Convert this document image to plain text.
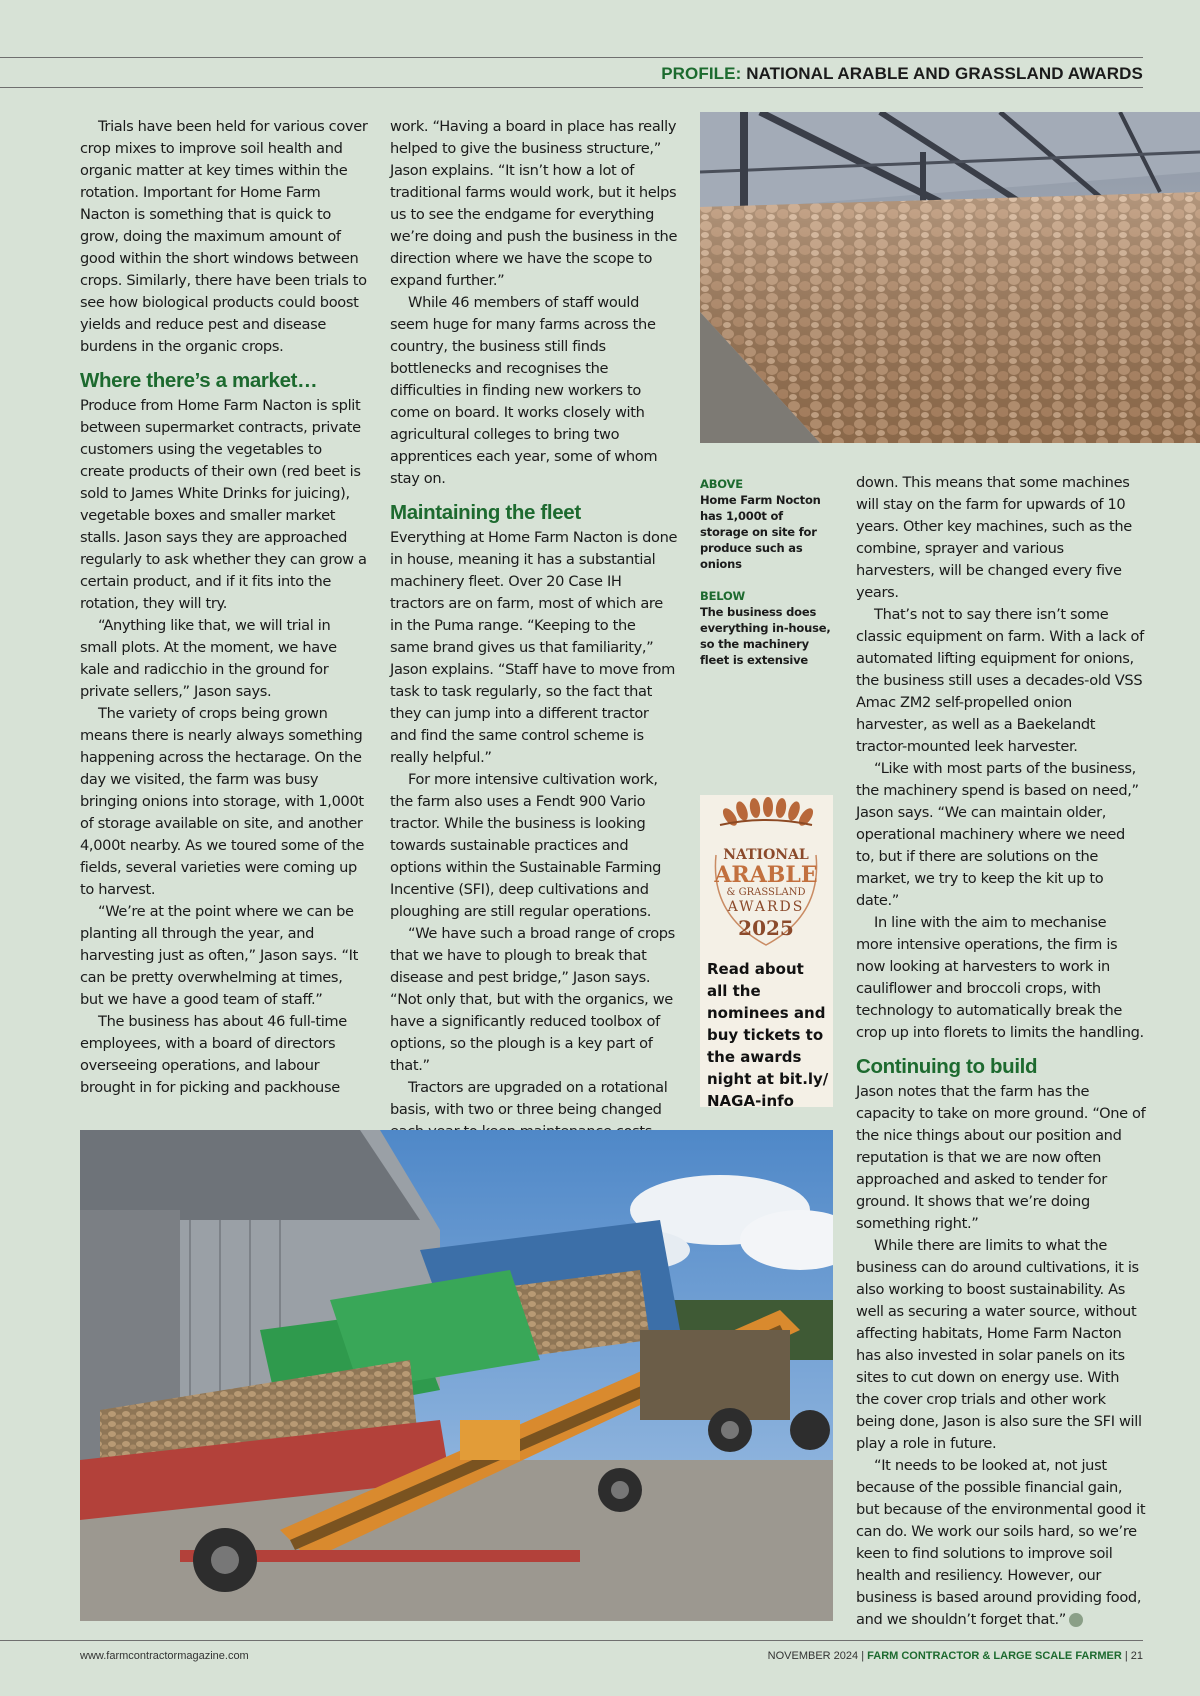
PROFILE: NATIONAL ARABLE AND GRASSLAND AWARDS

Trials have been held for various cover crop mixes to improve soil health and organic matter at key times within the rotation. Important for Home Farm Nacton is something that is quick to grow, doing the maximum amount of good within the short windows between crops. Similarly, there have been trials to see how biological products could boost yields and reduce pest and disease burdens in the organic crops.

Where there’s a market…

Produce from Home Farm Nacton is split between supermarket contracts, private customers using the vegetables to create products of their own (red beet is sold to James White Drinks for juicing), vegetable boxes and smaller market stalls. Jason says they are approached regularly to ask whether they can grow a certain product, and if it fits into the rotation, they will try.

“Anything like that, we will trial in small plots. At the moment, we have kale and radicchio in the ground for private sellers,” Jason says.

The variety of crops being grown means there is nearly always something happening across the hectarage. On the day we visited, the farm was busy bringing onions into storage, with 1,000t of storage available on site, and another 4,000t nearby. As we toured some of the fields, several varieties were coming up to harvest.

“We’re at the point where we can be planting all through the year, and harvesting just as often,” Jason says. “It can be pretty overwhelming at times, but we have a good team of staff.”

The business has about 46 full-time employees, with a board of directors overseeing operations, and labour brought in for picking and packhouse

work. “Having a board in place has really helped to give the business structure,” Jason explains. “It isn’t how a lot of traditional farms would work, but it helps us to see the endgame for everything we’re doing and push the business in the direction where we have the scope to expand further.”

While 46 members of staff would seem huge for many farms across the country, the business still finds bottlenecks and recognises the difficulties in finding new workers to come on board. It works closely with agricultural colleges to bring two apprentices each year, some of whom stay on.

Maintaining the fleet

Everything at Home Farm Nacton is done in house, meaning it has a substantial machinery fleet. Over 20 Case IH tractors are on farm, most of which are in the Puma range. “Keeping to the same brand gives us that familiarity,” Jason explains. “Staff have to move from task to task regularly, so the fact that they can jump into a different tractor and find the same control scheme is really helpful.”

For more intensive cultivation work, the farm also uses a Fendt 900 Vario tractor. While the business is looking towards sustainable practices and options within the Sustainable Farming Incentive (SFI), deep cultivations and ploughing are still regular operations.

“We have such a broad range of crops that we have to plough to break that disease and pest bridge,” Jason says. “Not only that, but with the organics, we have a significantly reduced toolbox of options, so the plough is a key part of that.”

Tractors are upgraded on a rotational basis, with two or three being changed

ABOVE
Home Farm Nocton has 1,000t of storage on site for produce such as onions
BELOW
The business does everything in-house, so the machinery fleet is extensive
NATIONAL
ARABLE
& GRASSLAND
AWARDS
2025
Read about all the nominees and buy tickets to the awards night at bit.ly/ NAGA-info

down. This means that some machines will stay on the farm for upwards of 10 years. Other key machines, such as the combine, sprayer and various harvesters, will be changed every five years.

That’s not to say there isn’t some classic equipment on farm. With a lack of automated lifting equipment for onions, the business still uses a decades-old VSS Amac ZM2 self-propelled onion harvester, as well as a Baekelandt tractor-mounted leek harvester.

“Like with most parts of the business, the machinery spend is based on need,” Jason says. “We can maintain older, operational machinery where we need to, but if there are solutions on the market, we try to keep the kit up to date.”

In line with the aim to mechanise more intensive operations, the firm is now looking at harvesters to work in cauliflower and broccoli crops, with technology to automatically break the crop up into florets to limits the handling.

Continuing to build

Jason notes that the farm has the capacity to take on more ground. “One of the nice things about our position and reputation is that we are now often approached and asked to tender for ground. It shows that we’re doing something right.”

While there are limits to what the business can do around cultivations, it is also working to boost sustainability. As well as securing a water source, without affecting habitats, Home Farm Nacton has also invested in solar panels on its sites to cut down on energy use. With the cover crop trials and other work being done, Jason is also sure the SFI will play a role in future.

“It needs to be looked at, not just because of the possible financial gain, but because of the environmental good it can do. We work our soils hard, so we’re keen to find solutions to improve soil health and resiliency. However, our business is based around providing food, and we shouldn’t forget that.”

www.farmcontractormagazine.com	NOVEMBER 2024 | FARM CONTRACTOR & LARGE SCALE FARMER | 21
